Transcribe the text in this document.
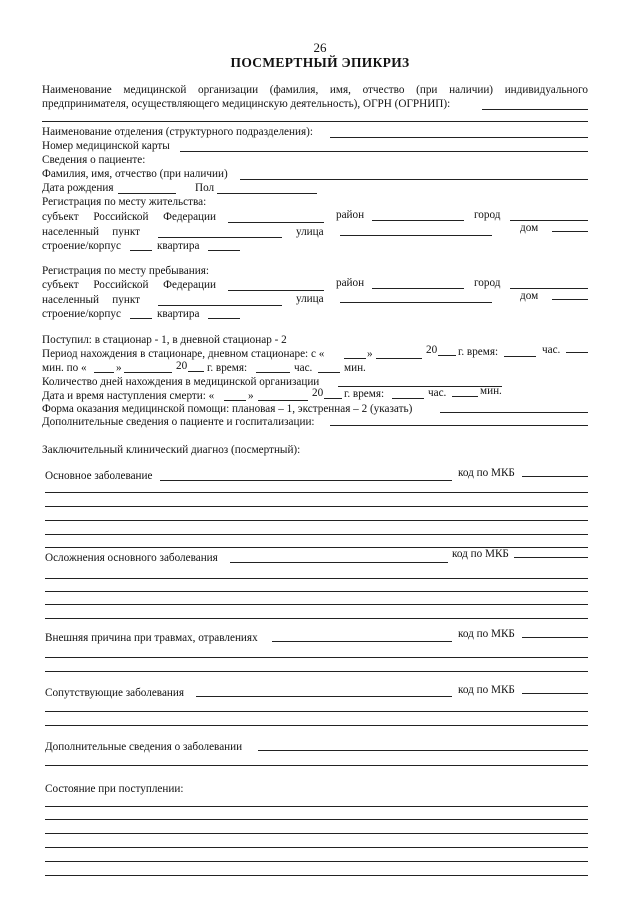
26
ПОСМЕРТНЫЙ ЭПИКРИЗ
Наименование медицинской организации (фамилия, имя, отчество (при наличии) индивидуального
предпринимателя, осуществляющего медицинскую деятельность), ОГРН (ОГРНИП):
Наименование отделения (структурного подразделения):
Номер медицинской карты
Сведения о пациенте:
Фамилия, имя, отчество (при наличии)
Дата рождения	Пол
Регистрация по месту жительства:
субъект Российской Федерации	район	город
населенный пункт	улица	дом
строение/корпус	квартира
Регистрация по месту пребывания:
субъект Российской Федерации	район	город
населенный пункт	улица	дом
строение/корпус	квартира
Поступил: в стационар - 1, в дневной стационар - 2
Период нахождения в стационаре, дневном стационаре: с «	»	20 г. время:	час.
мин. по «	»	20 г. время:	час.	мин.
Количество дней нахождения в медицинской организации
Дата и время наступления смерти: «	»	20 г. время:	час.	мин.
Форма оказания медицинской помощи: плановая – 1, экстренная – 2 (указать)
Дополнительные сведения о пациенте и госпитализации:
Заключительный клинический диагноз (посмертный):
Основное заболевание	код по МКБ
Осложнения основного заболевания	код по МКБ
Внешняя причина при травмах, отравлениях	код по МКБ
Сопутствующие заболевания	код по МКБ
Дополнительные сведения о заболевании
Состояние при поступлении:
